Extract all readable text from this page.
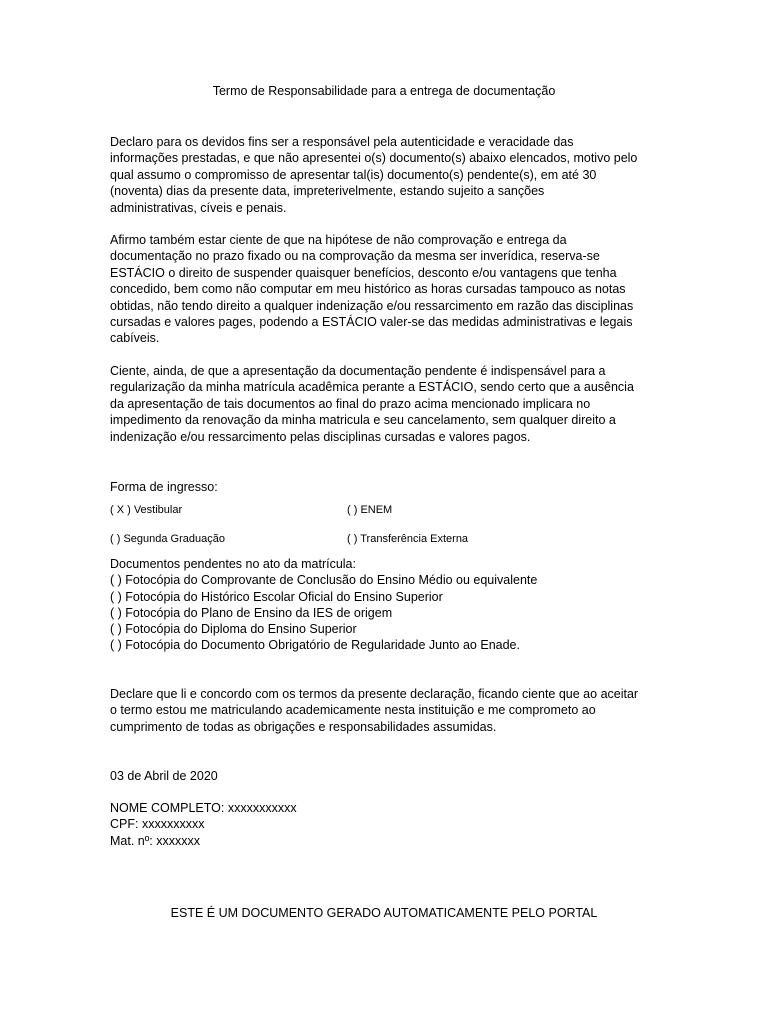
Termo de Responsabilidade para a entrega de documentação
Declaro para os devidos fins ser a responsável pela autenticidade e veracidade das
informações prestadas, e que não apresentei o(s) documento(s) abaixo elencados, motivo pelo
qual assumo o compromisso de apresentar tal(is) documento(s) pendente(s), em até 30
(noventa) dias da presente data, impreterivelmente, estando sujeito a sanções
administrativas, cíveis e penais.
Afirmo também estar ciente de que na hipótese de não comprovação e entrega da
documentação no prazo fixado ou na comprovação da mesma ser inverídica, reserva-se
ESTÁCIO o direito de suspender quaisquer benefícios, desconto e/ou vantagens que tenha
concedido, bem como não computar em meu histórico as horas cursadas tampouco as notas
obtidas, não tendo direito a qualquer indenização e/ou ressarcimento em razão das disciplinas
cursadas e valores pages, podendo a ESTÁCIO valer-se das medidas administrativas e legais
cabíveis.
Ciente, ainda, de que a apresentação da documentação pendente é indispensável para a
regularização da minha matrícula acadêmica perante a ESTÁCIO, sendo certo que a ausência
da apresentação de tais documentos ao final do prazo acima mencionado implicara no
impedimento da renovação da minha matricula e seu cancelamento, sem qualquer direito a
indenização e/ou ressarcimento pelas disciplinas cursadas e valores pagos.
Forma de ingresso:
( X ) Vestibular	( ) ENEM
( ) Segunda Graduação	( ) Transferência Externa
Documentos pendentes no ato da matrícula:
( ) Fotocópia do Comprovante de Conclusão do Ensino Médio ou equivalente
( ) Fotocópia do Histórico Escolar Oficial do Ensino Superior
( ) Fotocópia do Plano de Ensino da IES de origem
( ) Fotocópia do Diploma do Ensino Superior
( ) Fotocópia do Documento Obrigatório de Regularidade Junto ao Enade.
Declare que li e concordo com os termos da presente declaração, ficando ciente que ao aceitar
o termo estou me matriculando academicamente nesta instituição e me comprometo ao
cumprimento de todas as obrigações e responsabilidades assumidas.
03 de Abril de 2020
NOME COMPLETO: xxxxxxxxxxx
CPF: xxxxxxxxxx
Mat. nº: xxxxxxx
ESTE É UM DOCUMENTO GERADO AUTOMATICAMENTE PELO PORTAL
